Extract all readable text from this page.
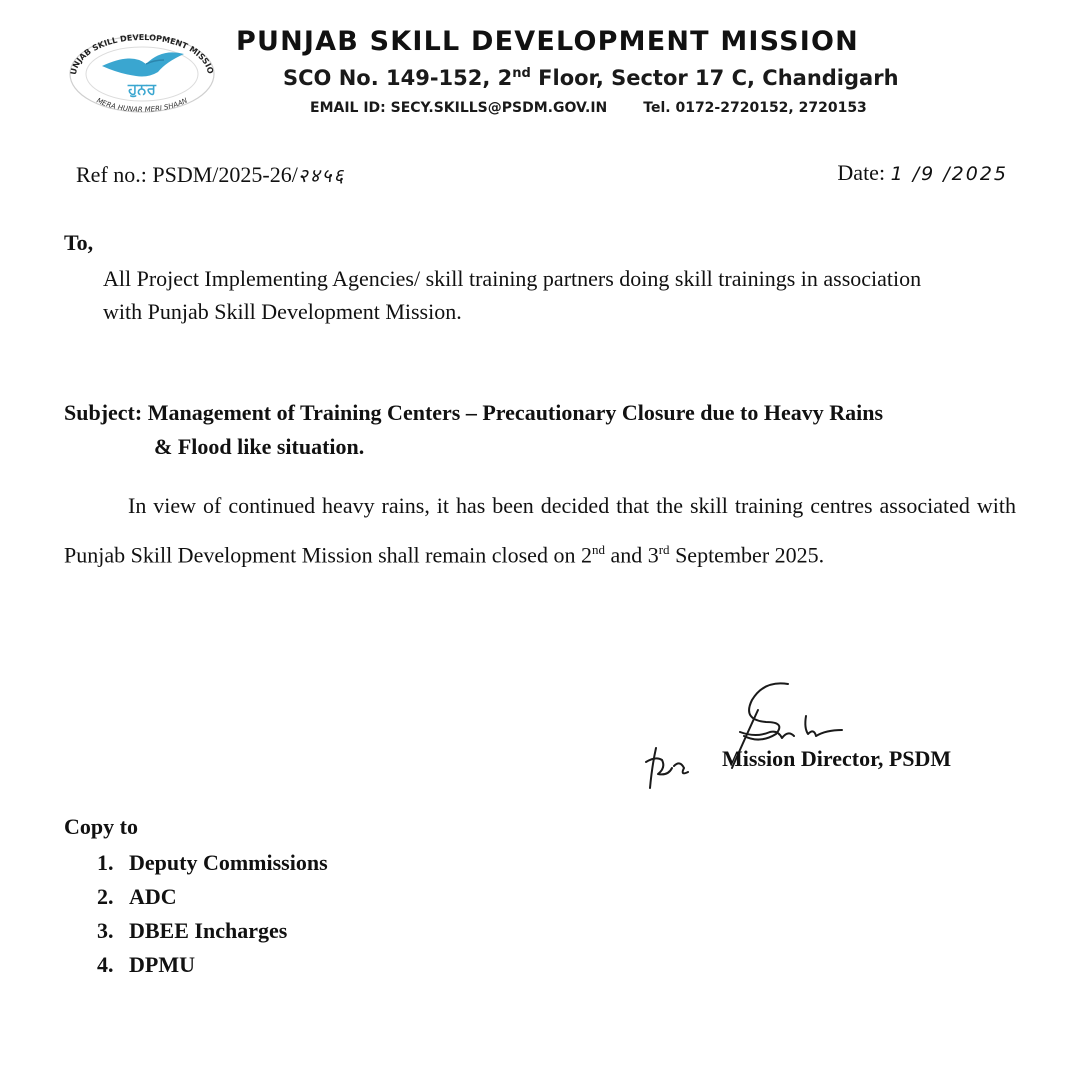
UNJAB SKILL DEVELOPMENT MISSIO
ਹੁਨਰ
MERA HUNAR MERI SHAAN
PUNJAB SKILL DEVELOPMENT MISSION
SCO No. 149-152, 2nd Floor, Sector 17 C, Chandigarh
EMAIL ID: SECY.SKILLS@PSDM.GOV.IN	Tel. 0172-2720152, 2720153
Ref no.: PSDM/2025-26/२४५६	Date: 1 /9 /2025
To,
All Project Implementing Agencies/ skill training partners doing skill trainings in association with Punjab Skill Development Mission.
Subject: Management of Training Centers – Precautionary Closure due to Heavy Rains
& Flood like situation.
In view of continued heavy rains, it has been decided that the skill training centres associated with Punjab Skill Development Mission shall remain closed on 2nd and 3rd September 2025.
Mission Director, PSDM
Copy to
1. Deputy Commissions
2. ADC
3. DBEE Incharges
4. DPMU
